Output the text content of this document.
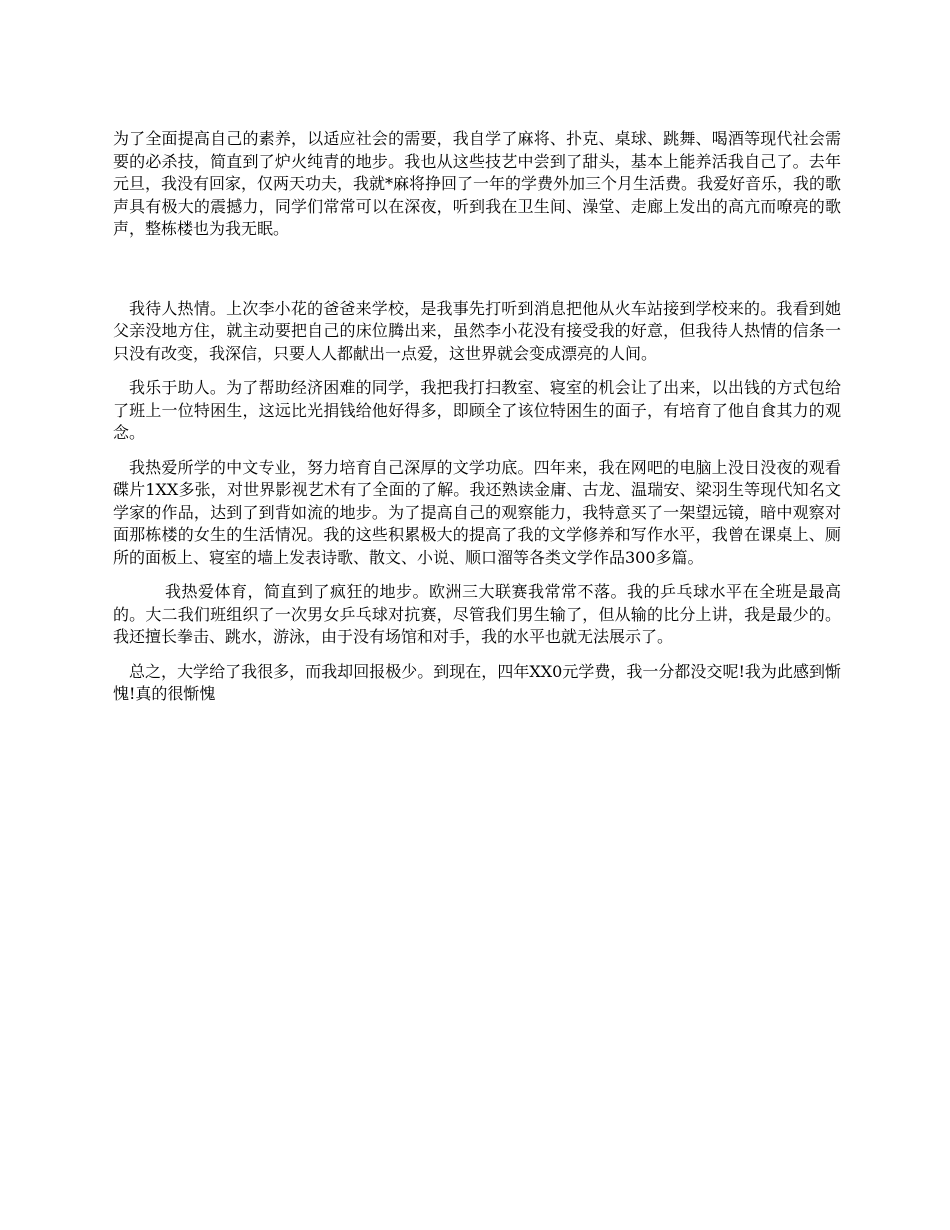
为了全面提高自己的素养，以适应社会的需要，我自学了麻将、扑克、桌球、跳舞、喝酒等现代社会需要的必杀技，简直到了炉火纯青的地步。我也从这些技艺中尝到了甜头，基本上能养活我自己了。去年元旦，我没有回家，仅两天功夫，我就*麻将挣回了一年的学费外加三个月生活费。我爱好音乐，我的歌声具有极大的震撼力，同学们常常可以在深夜，听到我在卫生间、澡堂、走廊上发出的高亢而嘹亮的歌声，整栋楼也为我无眠。

我待人热情。上次李小花的爸爸来学校，是我事先打听到消息把他从火车站接到学校来的。我看到她父亲没地方住，就主动要把自己的床位腾出来，虽然李小花没有接受我的好意，但我待人热情的信条一只没有改变，我深信，只要人人都献出一点爱，这世界就会变成漂亮的人间。

我乐于助人。为了帮助经济困难的同学，我把我打扫教室、寝室的机会让了出来，以出钱的方式包给了班上一位特困生，这远比光捐钱给他好得多，即顾全了该位特困生的面子，有培育了他自食其力的观念。

我热爱所学的中文专业，努力培育自己深厚的文学功底。四年来，我在网吧的电脑上没日没夜的观看碟片1XX多张，对世界影视艺术有了全面的了解。我还熟读金庸、古龙、温瑞安、梁羽生等现代知名文学家的作品，达到了到背如流的地步。为了提高自己的观察能力，我特意买了一架望远镜，暗中观察对面那栋楼的女生的生活情况。我的这些积累极大的提高了我的文学修养和写作水平，我曾在课桌上、厕所的面板上、寝室的墙上发表诗歌、散文、小说、顺口溜等各类文学作品300多篇。

我热爱体育，简直到了疯狂的地步。欧洲三大联赛我常常不落。我的乒乓球水平在全班是最高的。大二我们班组织了一次男女乒乓球对抗赛，尽管我们男生输了，但从输的比分上讲，我是最少的。我还擅长拳击、跳水，游泳，由于没有场馆和对手，我的水平也就无法展示了。

总之，大学给了我很多，而我却回报极少。到现在，四年XX0元学费，我一分都没交呢!我为此感到惭愧!真的很惭愧
